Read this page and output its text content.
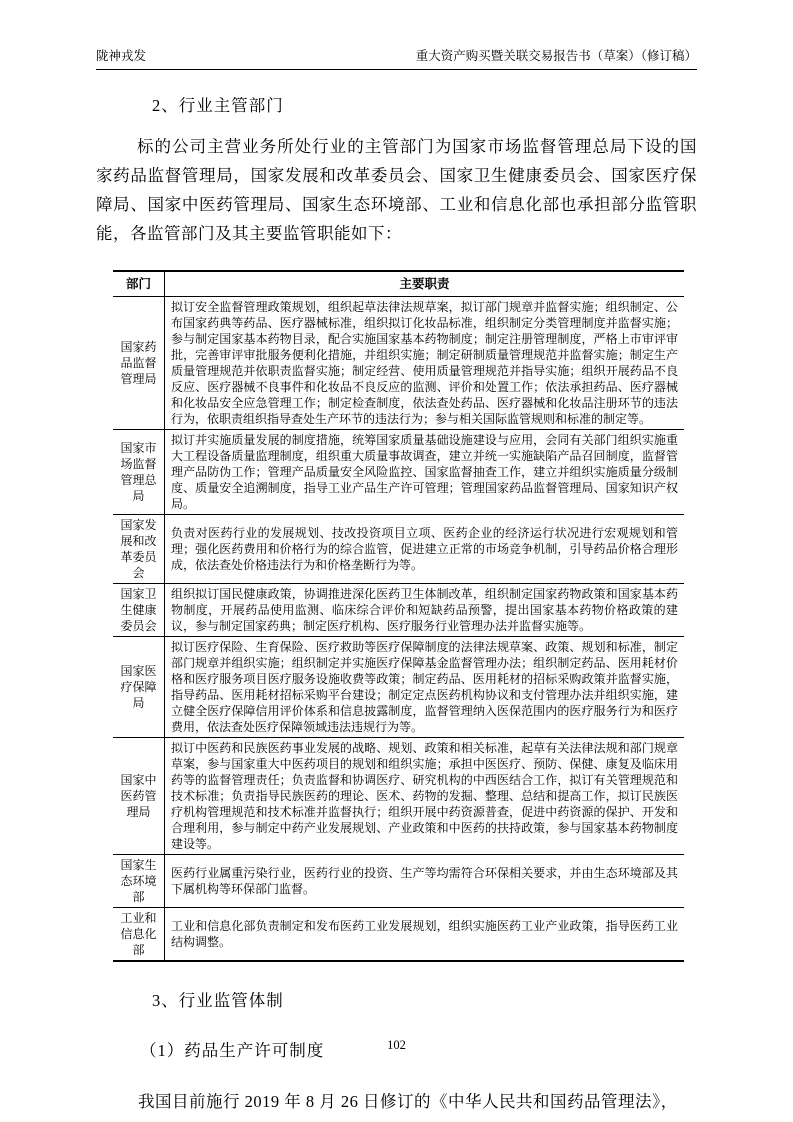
陇神戎发	重大资产购买暨关联交易报告书（草案）（修订稿）
2、行业主管部门

标的公司主营业务所处行业的主管部门为国家市场监督管理总局下设的国家药品监督管理局，国家发展和改革委员会、国家卫生健康委员会、国家医疗保障局、国家中医药管理局、国家生态环境部、工业和信息化部也承担部分监管职能，各监管部门及其主要监管职能如下：

部门	主要职责
国家药品监督管理局	拟订安全监督管理政策规划，组织起草法律法规草案，拟订部门规章并监督实施；组织制定、公布国家药典等药品、医疗器械标准，组织拟订化妆品标准，组织制定分类管理制度并监督实施；参与制定国家基本药物目录，配合实施国家基本药物制度；制定注册管理制度，严格上市审评审批，完善审评审批服务便利化措施，并组织实施；制定研制质量管理规范并监督实施；制定生产质量管理规范并依职责监督实施；制定经营、使用质量管理规范并指导实施；组织开展药品不良反应、医疗器械不良事件和化妆品不良反应的监测、评价和处置工作；依法承担药品、医疗器械和化妆品安全应急管理工作；制定检查制度，依法查处药品、医疗器械和化妆品注册环节的违法行为，依职责组织指导查处生产环节的违法行为；参与相关国际监管规则和标准的制定等。
国家市场监督管理总局	拟订并实施质量发展的制度措施，统筹国家质量基础设施建设与应用，会同有关部门组织实施重大工程设备质量监理制度，组织重大质量事故调查，建立并统一实施缺陷产品召回制度，监督管理产品防伪工作；管理产品质量安全风险监控、国家监督抽查工作，建立并组织实施质量分级制度、质量安全追溯制度，指导工业产品生产许可管理；管理国家药品监督管理局、国家知识产权局。
国家发展和改革委员会	负责对医药行业的发展规划、技改投资项目立项、医药企业的经济运行状况进行宏观规划和管理；强化医药费用和价格行为的综合监管，促进建立正常的市场竞争机制，引导药品价格合理形成，依法查处价格违法行为和价格垄断行为等。
国家卫生健康委员会	组织拟订国民健康政策，协调推进深化医药卫生体制改革，组织制定国家药物政策和国家基本药物制度，开展药品使用监测、临床综合评价和短缺药品预警，提出国家基本药物价格政策的建议，参与制定国家药典；制定医疗机构、医疗服务行业管理办法并监督实施等。
国家医疗保障局	拟订医疗保险、生育保险、医疗救助等医疗保障制度的法律法规草案、政策、规划和标准，制定部门规章并组织实施；组织制定并实施医疗保障基金监督管理办法；组织制定药品、医用耗材价格和医疗服务项目医疗服务设施收费等政策；制定药品、医用耗材的招标采购政策并监督实施，指导药品、医用耗材招标采购平台建设；制定定点医药机构协议和支付管理办法并组织实施，建立健全医疗保障信用评价体系和信息披露制度，监督管理纳入医保范围内的医疗服务行为和医疗费用，依法查处医疗保障领域违法违规行为等。
国家中医药管理局	拟订中医药和民族医药事业发展的战略、规划、政策和相关标准，起草有关法律法规和部门规章草案，参与国家重大中医药项目的规划和组织实施；承担中医医疗、预防、保健、康复及临床用药等的监督管理责任；负责监督和协调医疗、研究机构的中西医结合工作，拟订有关管理规范和技术标准；负责指导民族医药的理论、医术、药物的发掘、整理、总结和提高工作，拟订民族医疗机构管理规范和技术标准并监督执行；组织开展中药资源普查，促进中药资源的保护、开发和合理利用，参与制定中药产业发展规划、产业政策和中医药的扶持政策，参与国家基本药物制度建设等。
国家生态环境部	医药行业属重污染行业，医药行业的投资、生产等均需符合环保相关要求，并由生态环境部及其下属机构等环保部门监督。
工业和信息化部	工业和信息化部负责制定和发布医药工业发展规划，组织实施医药工业产业政策，指导医药工业结构调整。
3、行业监管体制
（1）药品生产许可制度

我国目前施行 2019 年 8 月 26 日修订的《中华人民共和国药品管理法》，

102
